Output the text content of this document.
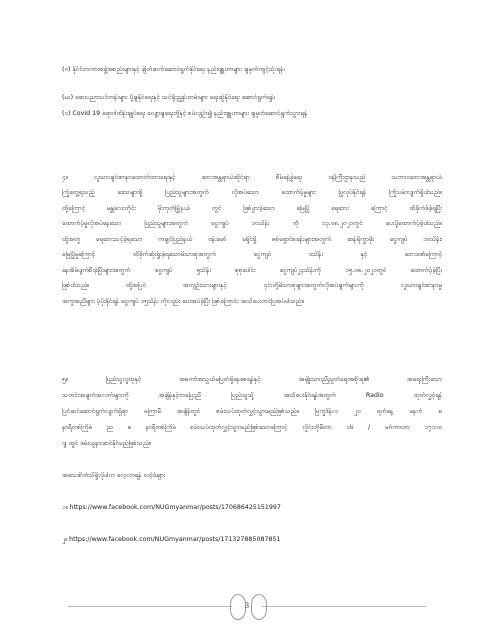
(ဂ) နိုင်ငံတကာအဖွဲ့အစည်းများနှင့် ချိတ်ဆက်ဆောင်ရွက်နိုင်ရေး နည်းဗျူဟာများ ချမှတ်ကျင့်သုံးရန်၊
(ဃ) ဆေးပညာသင်တန်းများ ပို့ချနိုင်ရေးနှင့် သင်ရိုးညွှန်းတမ်းများ ရေးဆွဲနိုင်ရေး ဆောင်ရွက်ရန်၊
(င) Covid 19 ရောဂါထိန်းချုပ်ရေး လျော့ချရေးတို့နှင့် စပ်လျဉ်း၍ နည်းဗျူဟာများ ချမှတ်ဆောင်ရွက်သွားရန်
၄။ လူသားချင်းစာနာထောက်ထားရေးနှင့် ဘေးအန္တရာယ်ဆိုင်ရာ စီမံခန့်ခွဲရေး ဝန်ကြီးဌာနသည် သဘာဝဘေးအန္တရာယ်
ကြုံတွေ့ရသည့် ဒေသများရှိ ပြည်သူများအတွက် လိုအပ်သော ထောက်ပံ့မှုများ ပြုလုပ်နိုင်ရန် ကြိုးပမ်းလျက်ရှိပါသည်။
ထို့ကြောင့် မန္တလေးတိုင်း မိုးကုတ်မြို့နယ် တွင် ဖြစ်ပွားခဲ့သော မြေပြို ရေဘေး ကြောင့် ထိခိုက်ခံခဲ့ရပြီး
ထောက်ပံ့မှုလိုအပ်နေသော ပြည်သူများအတွက် ငွေကျပ် ၁၀သိန်း ကို ၁၃.၀၈.၂၀၂၁တွင် ပေးပို့ထောက်ပံ့ခဲ့ပါသည်။
ထို့အတူ ရေဘေးသင့်ခဲ့ရသော ကချင်ပြည်နယ် ဗန်းမော် ခရိုင်ရှိ စစ်ရှောင်စခန်းများအတွက် ဆန်ရိက္ခာဖိုး ငွေကျပ် ၁၀သိန်း၊
မြေပြိုမှုကြောင့် ထိခိုက်ဆုံးရှုံးခဲ့ရသောမိသားစုအတွက် ငွေကျပ် ၁သိန်း နှင့် ဘေးဒဏ်ကြောင့်
နေအိမ်ပျက်စီးခဲ့ပြီးများအတွက် ငွေကျပ် ၅သိန်း စုစုပေါင်း ငွေကျပ်၂၄သိန်းကို ၁၅.၀၈.၂၀၂၁တွင် ထောက်ပံ့ခဲ့ပြီး
ဖြစ်ပါသည်။ ထို့အပြင် အကျဉ်းသားများနှင့် ၄င်းတို့မိသားစုများအတွက်လိုအပ်ချက်များကို လူသားချင်းစာနာမှု
အကူအညီများ ပံ့ပိုးနိုင်ရန် ငွေကျပ် ၁၅သိန်း ကိုလည်း ပေးအပ်ခဲ့ပြီး ဖြစ်ကြောင်း အသိပေးတင်ပြအပ်ပါသည်။
၅။ ပြည်သူလူထုနှင့် အဓကာ်အသွယ်မပြတ်ရှိနေစေရန်နှင့် အမျိုးသားညီညွတ်ရေးအစိုးရ၏ အရေးကြီးသော
သတင်းအချက်အလက်များကို အချိန်နှင့်တပြေးညီ ပြည်သူသို့ အသိပေးနိုင်ရန်အတွက် Radio ထုတ်လွှင့်ရန်
ပြင်ဆင်ဆောင်ရွက်လျက်ရှိရာ မကြာမီ အချိန်တွင် စမ်းသပ်ထုတ်လွှင့်သွားမည်ဖြစ်သည်။ ပြက္ခဒိန်လ ၂၀ ရက်နေ့ မနက် ၈
နာရီတစ်ကြိမ် ည ၈ နာရီတစ်ကြိမ် စမ်းသပ်ထုတ်လွှင့်သွားမည်ဖြစ်သောကြောင့် လှိုင်းတိုမီတာ ၁၆ / မဂ်ကာဟာ ၁၇၁၁၀
ဂျ ထွင် ဖမ်းယူနားဆင်နိုင်မည်ဖြစ်သည်။
အသေးစိတ်သိရှိလိုပါက လေ့လာရန် လင့်ခ်များ
၁။ https://www.facebook.com/NUGmyanmar/posts/170686425151997
၂။ https://www.facebook.com/NUGmyanmar/posts/171327885087851
3
